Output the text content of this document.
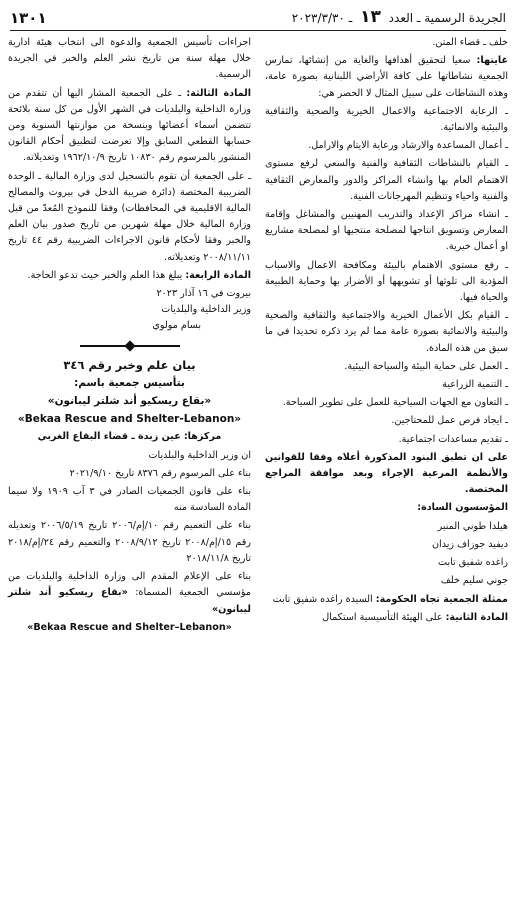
الجريدة الرسمية ـ العدد ١٣ ـ ٢٠٢٣/٣/٣٠
١٣٠١

خلف ـ قضاء المتن.

غايتها: سعيا لتحقيق أهدافها والغاية من إنشائها، تمارس الجمعية نشاطاتها على كافة الأراضي اللبنانية بصورة عامة، وهذه النشاطات على سبيل المثال لا الحصر هي:

ـ الرعاية الاجتماعية والاعمال الخيرية والصحية والثقافية والبيئية والانمائية.

ـ أعمال المساعدة والارشاد ورعاية الايتام والارامل.

ـ القيام بالنشاطات الثقافية والفنية والسعي لرفع مستوى الاهتمام العام بها وانشاء المراكز والدور والمعارض الثقافية والفنية واحياء وتنظيم المهرجانات الفنية.

ـ انشاء مراكز الإعداد والتدريب المهنيين والمشاغل وإقامة المعارض وتسويق انتاجها لمصلحة منتجيها او لمصلحة مشاريع او أعمال خيرية.

ـ رفع مستوى الاهتمام بالبيئة ومكافحة الاعمال والاسباب المؤدية الى تلوثها أو تشويهها أو الأضرار بها وحماية الطبيعة والحياة فيها.

ـ القيام بكل الأعمال الخيرية والاجتماعية والثقافية والصحية والبيئية والانمائية بصورة عامة مما لم يرد ذكره تحديدا في ما سبق من هذه المادة.

ـ العمل على حماية البيئة والسياحة البيئية.

ـ التنمية الزراعية

ـ التعاون مع الجهات السياحية للعمل على تطوير السياحة.

ـ ايجاد فرص عمل للمحتاجين.

ـ تقديم مساعدات اجتماعية.

على ان تطبق البنود المذكورة أعلاه وفقا للقوانين والأنظمة المرعية الإجراء وبعد موافقة المراجع المختصة.

المؤسسون السادة:

هيلدا طوني المنير

ديفيد جوزاف زيدان

راغده شفيق تابت

جوني سليم خلف

ممثلة الجمعية تجاه الحكومة: السيدة راغده شفيق تابت

المادة الثانية: على الهيئة التأسيسية استكمال

اجراءات تأسيس الجمعية والدعوة الى انتخاب هيئة ادارية خلال مهلة سنة من تاريخ نشر العلم والخبر في الجريدة الرسمية.

المادة الثالثة: ـ على الجمعية المشار اليها أن تتقدم من وزارة الداخلية والبلديات في الشهر الأول من كل سنة بلائحة تتضمن أسماء أعضائها وبنسخة من موازنتها السنوية ومن حسابها القطعي السابق وإلا تعرضت لتطبيق أحكام القانون المنشور بالمرسوم رقم ١٠٨٣٠ تاريخ ١٩٦٢/١٠/٩ وتعديلاته.

ـ على الجمعية أن تقوم بالتسجيل لدى وزارة المالية ـ الوحدة الضريبية المختصة (دائرة ضريبة الدخل في بيروت والمصالح المالية الاقليمية في المحافظات) وفقا للنموذج المُعدّ من قبل وزارة المالية خلال مهلة شهرين من تاريخ صدور بيان العلم والخبر وفقا لأحكام قانون الاجراءات الضريبية رقم ٤٤ تاريخ ٢٠٠٨/١١/١١ وتعديلاته.

المادة الرابعة: يبلغ هذا العلم والخبر حيث تدعو الحاجة.

بيروت في ١٦ آذار ٢٠٢٣

وزير الداخلية والبلديات

بسام مولوي

بيان علم وخبر رقم ٣٤٦

بتأسيس جمعية باسم:

«بقاع ريسكيو أند شلتر ليبانون»

«Bekaa Rescue and Shelter-Lebanon»

مركزها: عين زبدة ـ قضاء البقاع الغربي

ان وزير الداخلية والبلديات

بناء على المرسوم رقم ٨٣٧٦ تاريخ ٢٠٢١/٩/١٠

بناء على قانون الجمعيات الصادر في ٣ آب ١٩٠٩ ولا سيما المادة السادسة منه

بناء على التعميم رقم ١٠/إم/٢٠٠٦ تاريخ ٢٠٠٦/٥/١٩ وتعديله رقم ١٥/إم/٢٠٠٨ تاريخ ٢٠٠٨/٩/١٢ والتعميم رقم ٢٤/إم/٢٠١٨ تاريخ ٢٠١٨/١١/٨

بناء على الإعلام المقدم الى وزارة الداخلية والبلديات من مؤسسي الجمعية المسماة: «بقاع ريسكيو أند شلتر ليبانون»

«Bekaa Rescue and Shelter–Lebanon»
